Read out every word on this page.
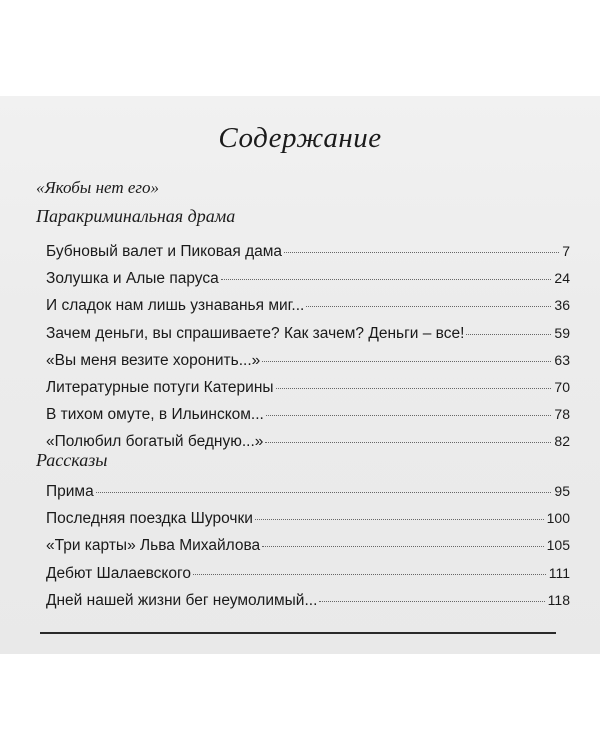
Содержание
«Якобы нет его»
Паракриминальная драма
Бубновый валет и Пиковая дама	7
Золушка и Алые паруса	24
И сладок нам лишь узнаванья миг...	36
Зачем деньги, вы спрашиваете? Как зачем? Деньги – все!	59
«Вы меня везите хоронить...»	63
Литературные потуги Катерины	70
В тихом омуте, в Ильинском...	78
«Полюбил богатый бедную...»	82
Рассказы
Прима	95
Последняя поездка Шурочки	100
«Три карты» Льва Михайлова	105
Дебют Шалаевского	111
Дней нашей жизни бег неумолимый...	118
